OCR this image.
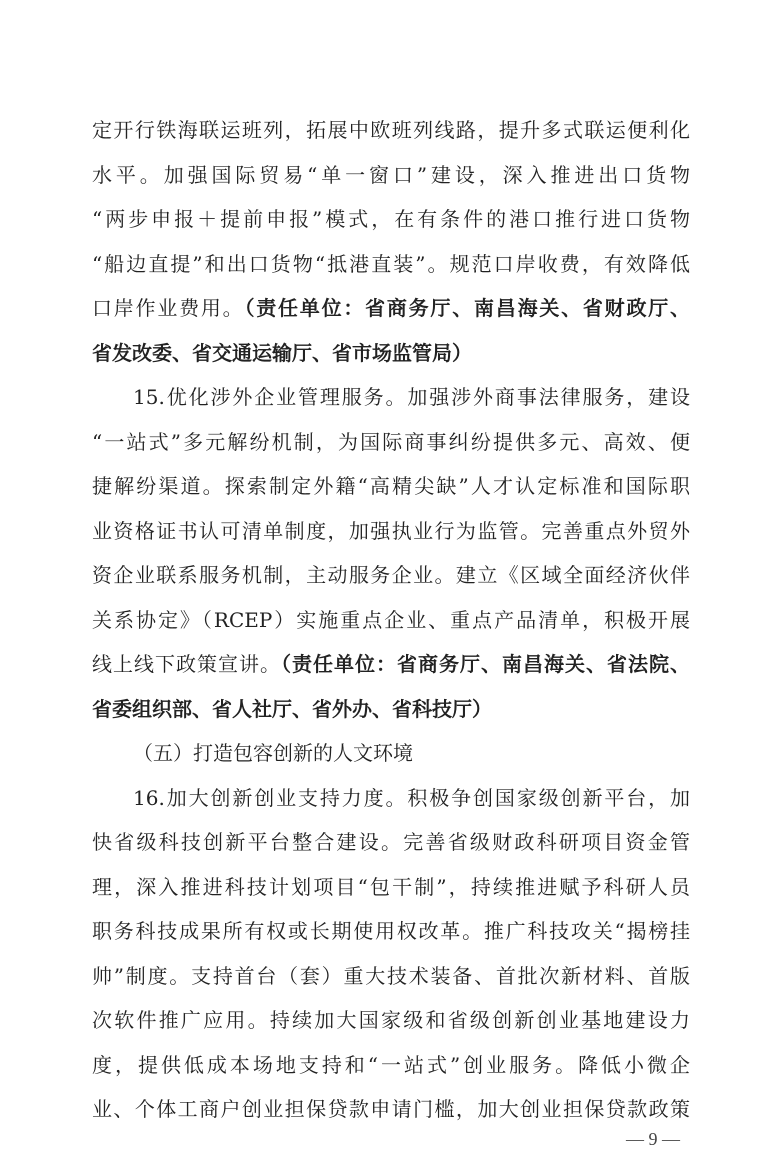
定开行铁海联运班列，拓展中欧班列线路，提升多式联运便利化
水平。加强国际贸易“单一窗口”建设，深入推进出口货物
“两步申报＋提前申报”模式，在有条件的港口推行进口货物
“船边直提”和出口货物“抵港直装”。规范口岸收费，有效降低
口岸作业费用。（责任单位：省商务厅、南昌海关、省财政厅、
省发改委、省交通运输厅、省市场监管局）
15.优化涉外企业管理服务。加强涉外商事法律服务，建设
“一站式”多元解纷机制，为国际商事纠纷提供多元、高效、便
捷解纷渠道。探索制定外籍“高精尖缺”人才认定标准和国际职
业资格证书认可清单制度，加强执业行为监管。完善重点外贸外
资企业联系服务机制，主动服务企业。建立《区域全面经济伙伴
关系协定》（RCEP）实施重点企业、重点产品清单，积极开展
线上线下政策宣讲。（责任单位：省商务厅、南昌海关、省法院、
省委组织部、省人社厅、省外办、省科技厅）
（五）打造包容创新的人文环境
16.加大创新创业支持力度。积极争创国家级创新平台，加
快省级科技创新平台整合建设。完善省级财政科研项目资金管
理，深入推进科技计划项目“包干制”，持续推进赋予科研人员
职务科技成果所有权或长期使用权改革。推广科技攻关“揭榜挂
帅”制度。支持首台（套）重大技术装备、首批次新材料、首版
次软件推广应用。持续加大国家级和省级创新创业基地建设力
— 9 —
度，提供低成本场地支持和“一站式”创业服务。降低小微企
业、个体工商户创业担保贷款申请门槛，加大创业担保贷款政策
